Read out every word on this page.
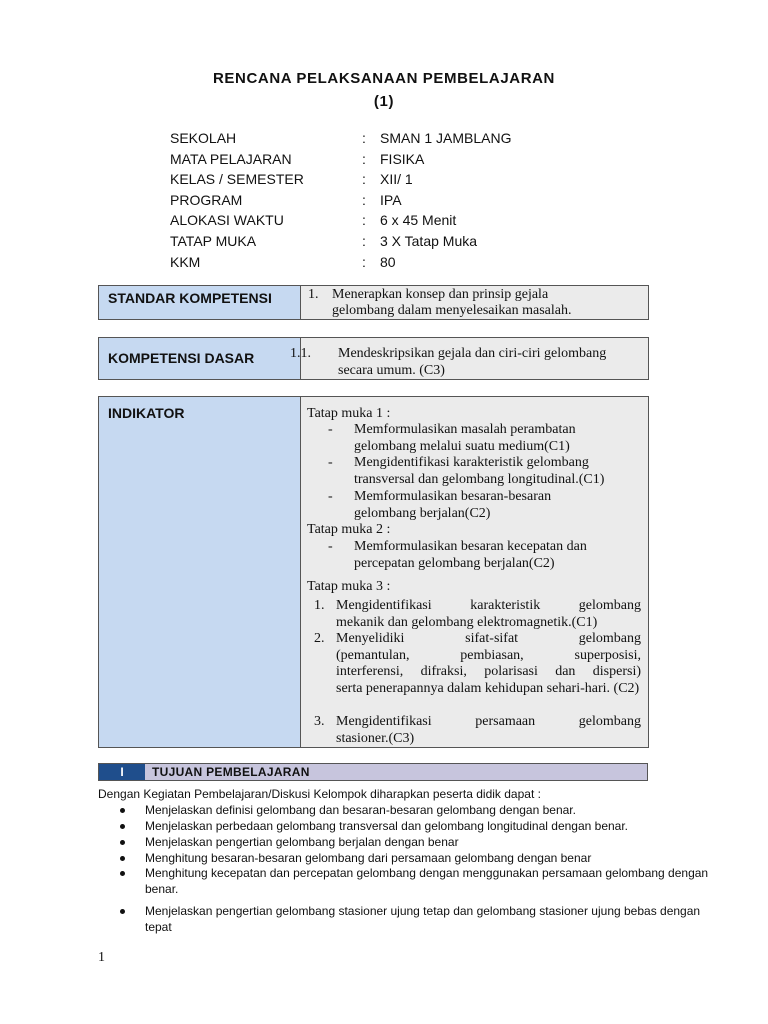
RENCANA PELAKSANAAN PEMBELAJARAN
(1)
SEKOLAH	:	SMAN 1 JAMBLANG
MATA PELAJARAN	:	FISIKA
KELAS / SEMESTER	:	XII/ 1
PROGRAM	:	IPA
ALOKASI WAKTU	:	6 x 45 Menit
TATAP MUKA	:	3 X Tatap Muka
KKM	:	80
STANDAR KOMPETENSI	1. Menerapkan konsep dan prinsip gejala
gelombang dalam menyelesaikan masalah.
KOMPETENSI DASAR	1.1. Mendeskripsikan gejala dan ciri-ciri gelombang
secara umum. (C3)
INDIKATOR	Tatap muka 1 :
- Memformulasikan masalah perambatan
gelombang melalui suatu medium(C1)
- Mengidentifikasi karakteristik gelombang
transversal dan gelombang longitudinal.(C1)
- Memformulasikan besaran-besaran
gelombang berjalan(C2)
Tatap muka 2 :
- Memformulasikan besaran kecepatan dan
percepatan gelombang berjalan(C2)
Tatap muka 3 :
1. Mengidentifikasi karakteristik gelombang
mekanik dan gelombang elektromagnetik.(C1)
2. Menyelidiki sifat-sifat gelombang
(pemantulan, pembiasan, superposisi,
interferensi, difraksi, polarisasi dan dispersi)
serta penerapannya dalam kehidupan sehari-hari. (C2)
3. Mengidentifikasi persamaan gelombang
stasioner.(C3)
I	TUJUAN PEMBELAJARAN
Dengan Kegiatan Pembelajaran/Diskusi Kelompok diharapkan peserta didik dapat :
Menjelaskan definisi gelombang dan besaran-besaran gelombang dengan benar.
Menjelaskan perbedaan gelombang transversal dan gelombang longitudinal dengan benar.
Menjelaskan pengertian gelombang berjalan dengan benar
Menghitung besaran-besaran gelombang dari persamaan gelombang dengan benar
Menghitung kecepatan dan percepatan gelombang dengan menggunakan persamaan gelombang dengan benar.
Menjelaskan pengertian gelombang stasioner ujung tetap dan gelombang stasioner ujung bebas dengan tepat
1
